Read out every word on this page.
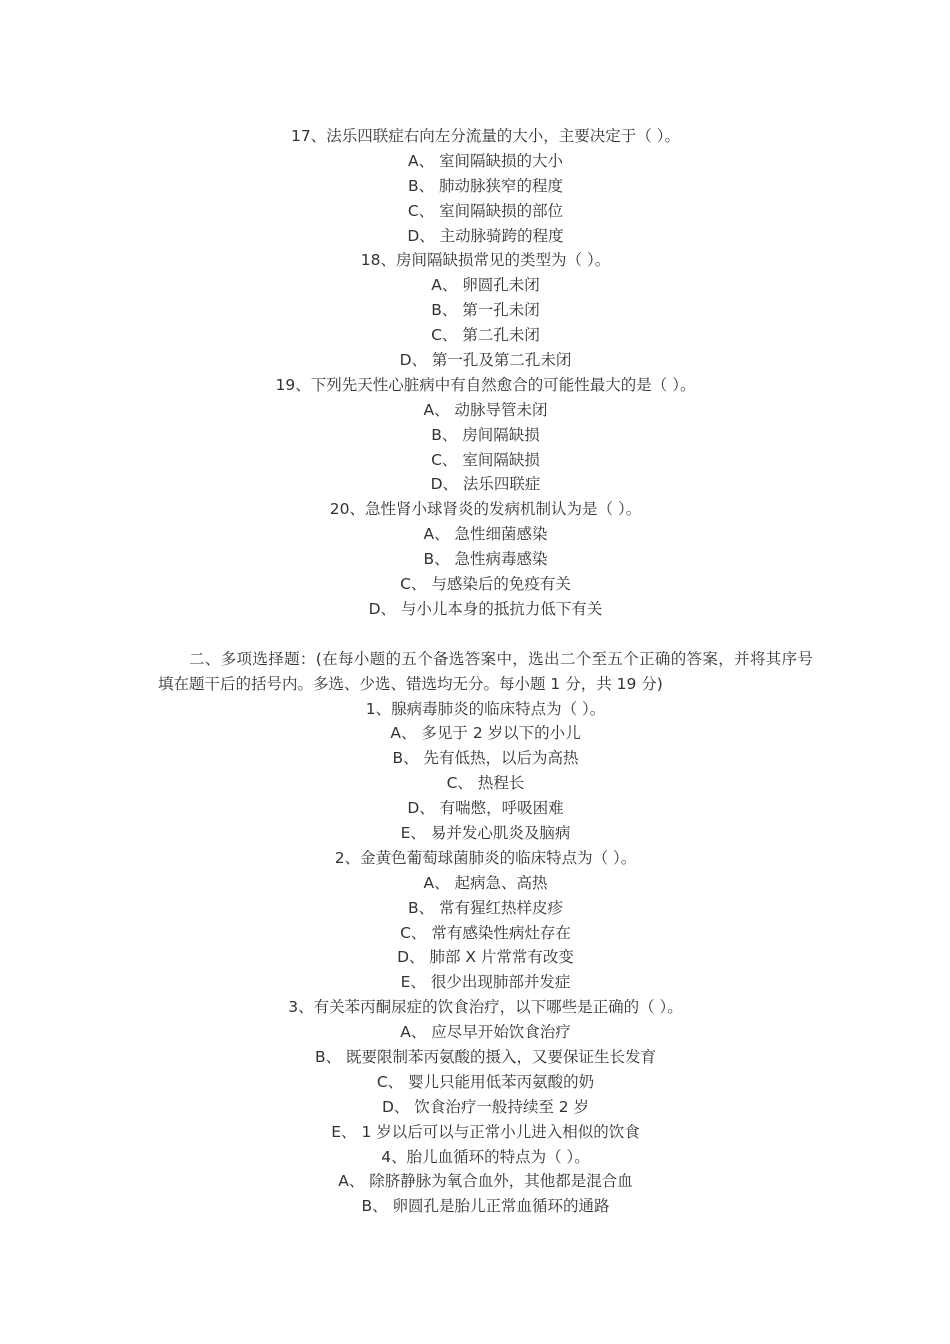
17、法乐四联症右向左分流量的大小，主要决定于（ ）。
A、 室间隔缺损的大小
B、 肺动脉狭窄的程度
C、 室间隔缺损的部位
D、 主动脉骑跨的程度
18、房间隔缺损常见的类型为（ ）。
A、 卵圆孔未闭
B、 第一孔未闭
C、 第二孔未闭
D、 第一孔及第二孔未闭
19、下列先天性心脏病中有自然愈合的可能性最大的是（ ）。
A、 动脉导管未闭
B、 房间隔缺损
C、 室间隔缺损
D、 法乐四联症
20、急性肾小球肾炎的发病机制认为是（ ）。
A、 急性细菌感染
B、 急性病毒感染
C、 与感染后的免疫有关
D、 与小儿本身的抵抗力低下有关

二、多项选择题：(在每小题的五个备选答案中，选出二个至五个正确的答案，并将其序号填在题干后的括号内。多选、少选、错选均无分。每小题 1 分，共 19 分)

1、腺病毒肺炎的临床特点为（ ）。
A、 多见于 2 岁以下的小儿
B、 先有低热，以后为高热
C、 热程长
D、 有喘憋，呼吸困难
E、 易并发心肌炎及脑病
2、金黄色葡萄球菌肺炎的临床特点为（ ）。
A、 起病急、高热
B、 常有猩红热样皮疹
C、 常有感染性病灶存在
D、 肺部 X 片常常有改变
E、 很少出现肺部并发症
3、有关苯丙酮尿症的饮食治疗，以下哪些是正确的（ ）。
A、 应尽早开始饮食治疗
B、 既要限制苯丙氨酸的摄入，又要保证生长发育
C、 婴儿只能用低苯丙氨酸的奶
D、 饮食治疗一般持续至 2 岁
E、 1 岁以后可以与正常小儿进入相似的饮食
4、胎儿血循环的特点为（ ）。
A、 除脐静脉为氧合血外，其他都是混合血
B、 卵圆孔是胎儿正常血循环的通路
